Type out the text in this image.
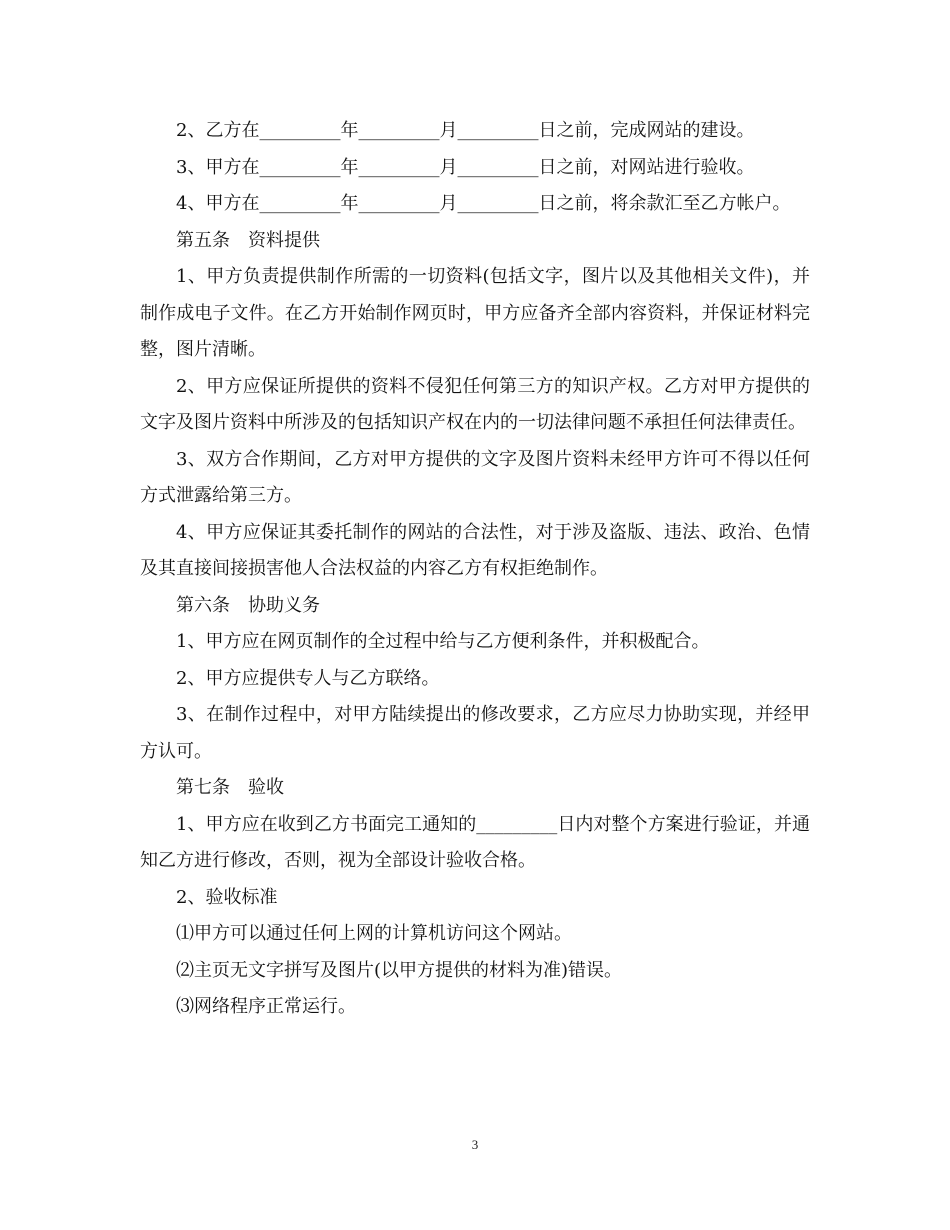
2、乙方在_________年_________月_________日之前，完成网站的建设。

3、甲方在_________年_________月_________日之前，对网站进行验收。

4、甲方在_________年_________月_________日之前，将余款汇至乙方帐户。

第五条　资料提供

1、甲方负责提供制作所需的一切资料(包括文字，图片以及其他相关文件)，并制作成电子文件。在乙方开始制作网页时，甲方应备齐全部内容资料，并保证材料完整，图片清晰。

2、甲方应保证所提供的资料不侵犯任何第三方的知识产权。乙方对甲方提供的文字及图片资料中所涉及的包括知识产权在内的一切法律问题不承担任何法律责任。

3、双方合作期间，乙方对甲方提供的文字及图片资料未经甲方许可不得以任何方式泄露给第三方。

4、甲方应保证其委托制作的网站的合法性，对于涉及盗版、违法、政治、色情及其直接间接损害他人合法权益的内容乙方有权拒绝制作。

第六条　协助义务

1、甲方应在网页制作的全过程中给与乙方便利条件，并积极配合。

2、甲方应提供专人与乙方联络。

3、在制作过程中，对甲方陆续提出的修改要求，乙方应尽力协助实现，并经甲方认可。

第七条　验收

1、甲方应在收到乙方书面完工通知的_________日内对整个方案进行验证，并通知乙方进行修改，否则，视为全部设计验收合格。

2、验收标准

⑴甲方可以通过任何上网的计算机访问这个网站。

⑵主页无文字拼写及图片(以甲方提供的材料为准)错误。

⑶网络程序正常运行。

3
